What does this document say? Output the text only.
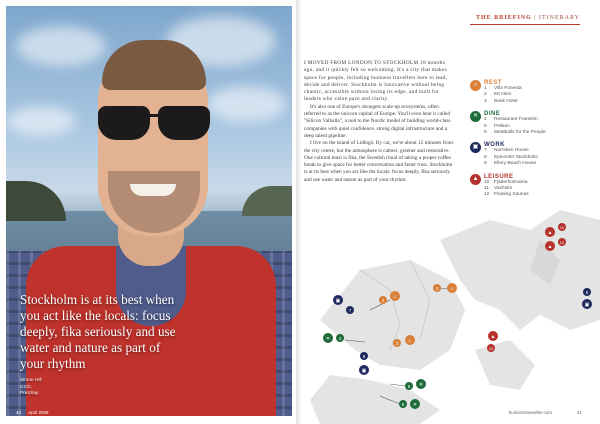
Stockholm is at its best when you act like the locals: focus deeply, fika seriously and use water and nature as part of your rhythm
Simon Hill
CCO,
Prezzlay
40 April 2026
THE BRIEFING | ITINERARY

I MOVED FROM LONDON TO STOCKHOLM 18 months ago, and it quickly felt so welcoming. It's a city that makes space for people, including business travellers here to lead, decide and deliver. Stockholm is innovative without being chaotic, accessible without losing its edge, and built for leaders who value pace and clarity.

It's also one of Europe's strongest scale-up ecosystems, often referred to as the unicorn capital of Europe. You'll even hear it called "Silicon Valhalla", a nod to the Nordic model of building world-class companies with quiet confidence, strong digital infrastructure and a deep talent pipeline.

I live on the island of Lidingö. By car, we're about 12 minutes from the city centre, but the atmosphere is calmer, greener and restorative. One cultural must is fika, the Swedish ritual of taking a proper coffee break to give space for better conversation and faster trust. Stockholm is at its best when you act like the locals: focus deeply, fika seriously and use water and nature as part of your rhythm.

⌂	REST
1 Villa Fonesta
2 Ett Hem
3 Bank Hotel
✕ DINE
4 Restaurant Frantzén
5 Pelikan
6 Meatballs for the People
▣ WORK
7 Norrsken House
8 Epicenter Stockholm
9 Ellery Beach House
▲ LEISURE
10 Fjäderholmarna
11 Vaxholm
12 Floating Saunas
⌂
2
1 ⌂
3 ⌂
✕ 4
5 ✕
6 ✕
▣
7
8
▣
9
▣
▲
10
▲
11
▲
12
businesstraveller.com	41
